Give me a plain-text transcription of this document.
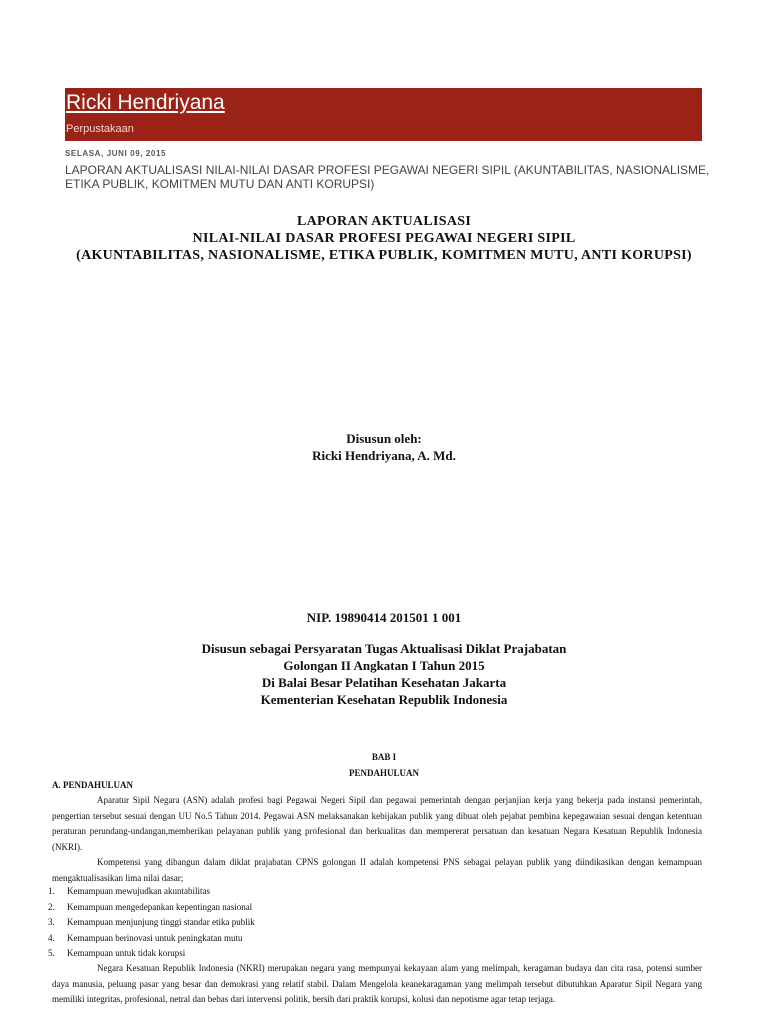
Ricki Hendriyana
Perpustakaan
SELASA, JUNI 09, 2015
LAPORAN AKTUALISASI NILAI-NILAI DASAR PROFESI PEGAWAI NEGERI SIPIL (AKUNTABILITAS, NASIONALISME, ETIKA PUBLIK, KOMITMEN MUTU DAN ANTI KORUPSI)
LAPORAN AKTUALISASI
NILAI-NILAI DASAR PROFESI PEGAWAI NEGERI SIPIL
(AKUNTABILITAS, NASIONALISME, ETIKA PUBLIK, KOMITMEN MUTU, ANTI KORUPSI)
Disusun oleh:
Ricki Hendriyana, A. Md.
NIP. 19890414 201501 1 001
Disusun sebagai Persyaratan Tugas Aktualisasi Diklat Prajabatan
Golongan II Angkatan I Tahun 2015
Di Balai Besar Pelatihan Kesehatan Jakarta
Kementerian Kesehatan Republik Indonesia
BAB I
PENDAHULUAN
A. PENDAHULUAN

Aparatur Sipil Negara (ASN) adalah profesi bagi Pegawai Negeri Sipil dan pegawai pemerintah dengan perjanjian kerja yang bekerja pada instansi pemerintah, pengertian tersebut sesuai dengan UU No.5 Tahun 2014. Pegawai ASN melaksanakan kebijakan publik yang dibuat oleh pejabat pembina kepegawaian sesuai dengan ketentuan peraturan perundang-undangan,memberikan pelayanan publik yang profesional dan berkualitas dan mempererat persatuan dan kesatuan Negara Kesatuan Republik Indonesia (NKRI).

Kompetensi yang dibangun dalam diklat prajabatan CPNS golongan II adalah kompetensi PNS sebagai pelayan publik yang diindikasikan dengan kemampuan mengaktualisasikan lima nilai dasar;

1. Kemampuan mewujudkan akuntabilitas
2. Kemampuan mengedepankan kepentingan nasional
3. Kemampuan menjunjung tinggi standar etika publik
4. Kemampuan berinovasi untuk peningkatan mutu
5. Kemampuan untuk tidak korupsi

Negara Kesatuan Republik Indonesia (NKRI) merupakan negara yang mempunyai kekayaan alam yang melimpah, keragaman budaya dan cita rasa, potensi sumber daya manusia, peluang pasar yang besar dan demokrasi yang relatif stabil. Dalam Mengelola keanekaragaman yang melimpah tersebut dibutuhkan Aparatur Sipil Negara yang memiliki integritas, profesional, netral dan bebas dari intervensi politik, bersih dari praktik korupsi, kolusi dan nepotisme agar tetap terjaga.
